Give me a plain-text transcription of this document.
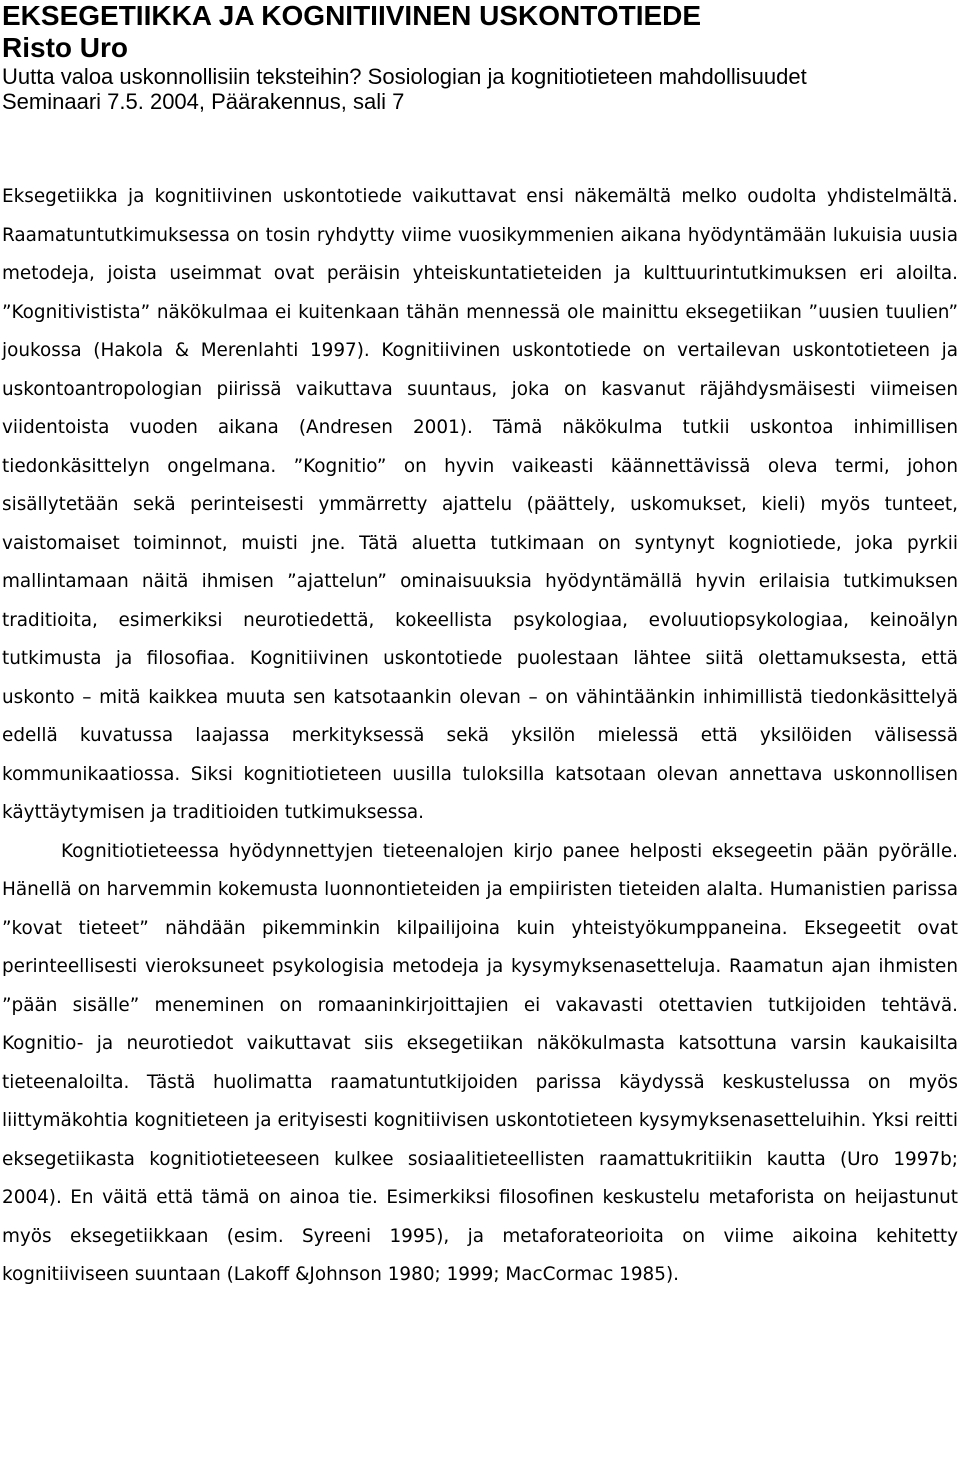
EKSEGETIIKKA JA KOGNITIIVINEN USKONTOTIEDE
Risto Uro

Uutta valoa uskonnollisiin teksteihin? Sosiologian ja kognitiotieteen mahdollisuudet

Seminaari 7.5. 2004, Päärakennus, sali 7

Eksegetiikka ja kognitiivinen uskontotiede vaikuttavat ensi näkemältä melko oudolta yhdistelmältä. Raamatuntutkimuksessa on tosin ryhdytty viime vuosikymmenien aikana hyödyntämään lukuisia uusia metodeja, joista useimmat ovat peräisin yhteiskuntatieteiden ja kulttuurintutkimuksen eri aloilta. ”Kognitivistista” näkökulmaa ei kuitenkaan tähän mennessä ole mainittu eksegetiikan ”uusien tuulien” joukossa (Hakola & Merenlahti 1997). Kognitiivinen uskontotiede on vertailevan uskontotieteen ja uskontoantropologian piirissä vaikuttava suuntaus, joka on kasvanut räjähdysmäisesti viimeisen viidentoista vuoden aikana (Andresen 2001). Tämä näkökulma tutkii uskontoa inhimillisen tiedonkäsittelyn ongelmana. ”Kognitio” on hyvin vaikeasti käännettävissä oleva termi, johon sisällytetään sekä perinteisesti ymmärretty ajattelu (päättely, uskomukset, kieli) myös tunteet, vaistomaiset toiminnot, muisti jne. Tätä aluetta tutkimaan on syntynyt kogniotiede, joka pyrkii mallintamaan näitä ihmisen ”ajattelun” ominaisuuksia hyödyntämällä hyvin erilaisia tutkimuksen traditioita, esimerkiksi neurotiedettä, kokeellista psykologiaa, evoluutiopsykologiaa, keinoälyn tutkimusta ja filosofiaa. Kognitiivinen uskontotiede puolestaan lähtee siitä olettamuksesta, että uskonto – mitä kaikkea muuta sen katsotaankin olevan – on vähintäänkin inhimillistä tiedonkäsittelyä edellä kuvatussa laajassa merkityksessä sekä yksilön mielessä että yksilöiden välisessä kommunikaatiossa. Siksi kognitiotieteen uusilla tuloksilla katsotaan olevan annettava uskonnollisen käyttäytymisen ja traditioiden tutkimuksessa.

Kognitiotieteessa hyödynnettyjen tieteenalojen kirjo panee helposti eksegeetin pään pyörälle. Hänellä on harvemmin kokemusta luonnontieteiden ja empiiristen tieteiden alalta. Humanistien parissa ”kovat tieteet” nähdään pikemminkin kilpailijoina kuin yhteistyökumppaneina. Eksegeetit ovat perinteellisesti vieroksuneet psykologisia metodeja ja kysymyksenasetteluja. Raamatun ajan ihmisten ”pään sisälle” meneminen on romaaninkirjoittajien ei vakavasti otettavien tutkijoiden tehtävä. Kognitio- ja neurotiedot vaikuttavat siis eksegetiikan näkökulmasta katsottuna varsin kaukaisilta tieteenaloilta. Tästä huolimatta raamatuntutkijoiden parissa käydyssä keskustelussa on myös liittymäkohtia kognitieteen ja erityisesti kognitiivisen uskontotieteen kysymyksenasetteluihin. Yksi reitti eksegetiikasta kognitiotieteeseen kulkee sosiaalitieteellisten raamattukritiikin kautta (Uro 1997b; 2004). En väitä että tämä on ainoa tie. Esimerkiksi filosofinen keskustelu metaforista on heijastunut myös eksegetiikkaan (esim. Syreeni 1995), ja metaforateorioita on viime aikoina kehitetty kognitiiviseen suuntaan (Lakoff &Johnson 1980; 1999; MacCormac 1985).
